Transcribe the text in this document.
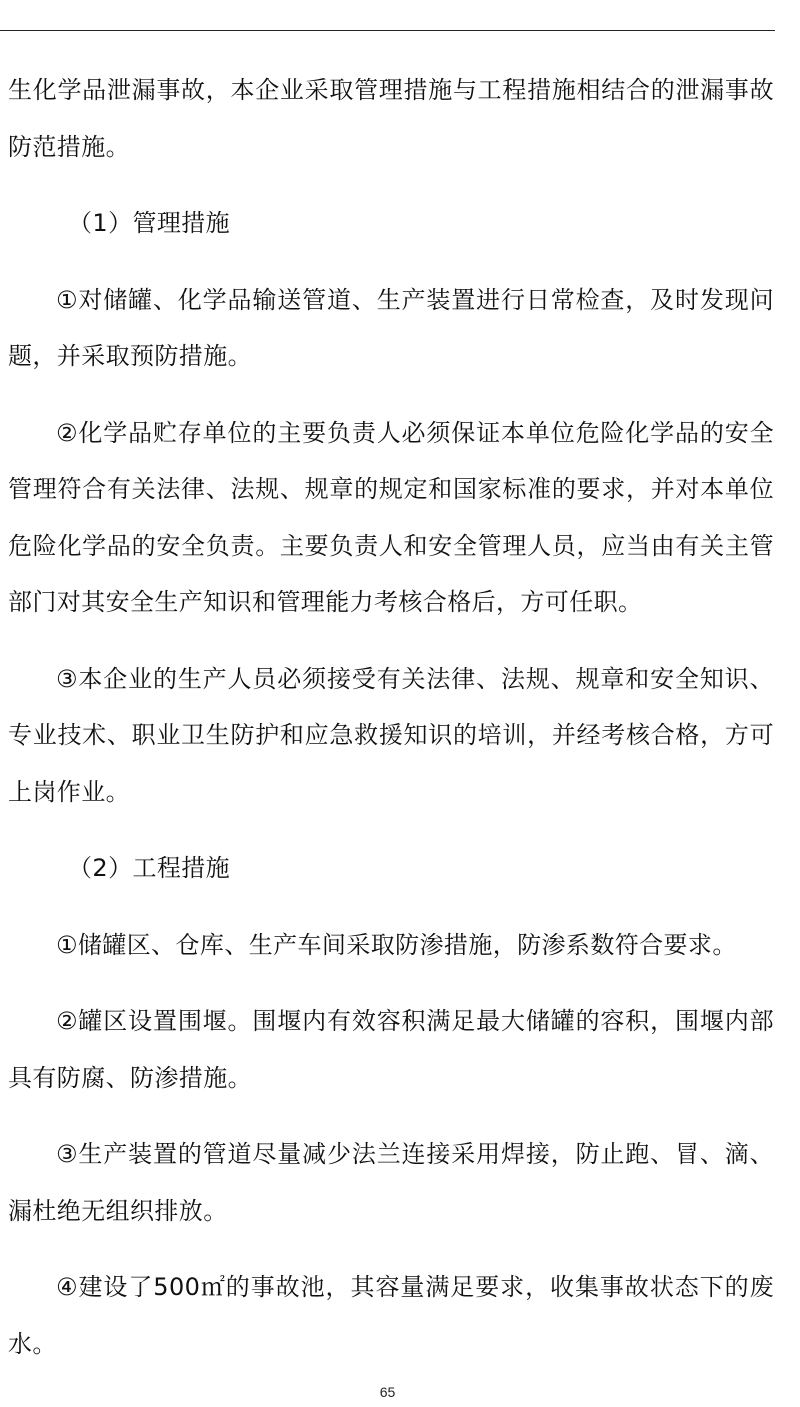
生化学品泄漏事故，本企业采取管理措施与工程措施相结合的泄漏事故防范措施。

（1）管理措施

①对储罐、化学品输送管道、生产装置进行日常检查，及时发现问题，并采取预防措施。

②化学品贮存单位的主要负责人必须保证本单位危险化学品的安全管理符合有关法律、法规、规章的规定和国家标准的要求，并对本单位危险化学品的安全负责。主要负责人和安全管理人员，应当由有关主管部门对其安全生产知识和管理能力考核合格后，方可任职。

③本企业的生产人员必须接受有关法律、法规、规章和安全知识、专业技术、职业卫生防护和应急救援知识的培训，并经考核合格，方可上岗作业。

（2）工程措施

①储罐区、仓库、生产车间采取防渗措施，防渗系数符合要求。

②罐区设置围堰。围堰内有效容积满足最大储罐的容积，围堰内部具有防腐、防渗措施。

③生产装置的管道尽量减少法兰连接采用焊接，防止跑、冒、滴、漏杜绝无组织排放。

④建设了500㎡的事故池，其容量满足要求，收集事故状态下的废水。

65
